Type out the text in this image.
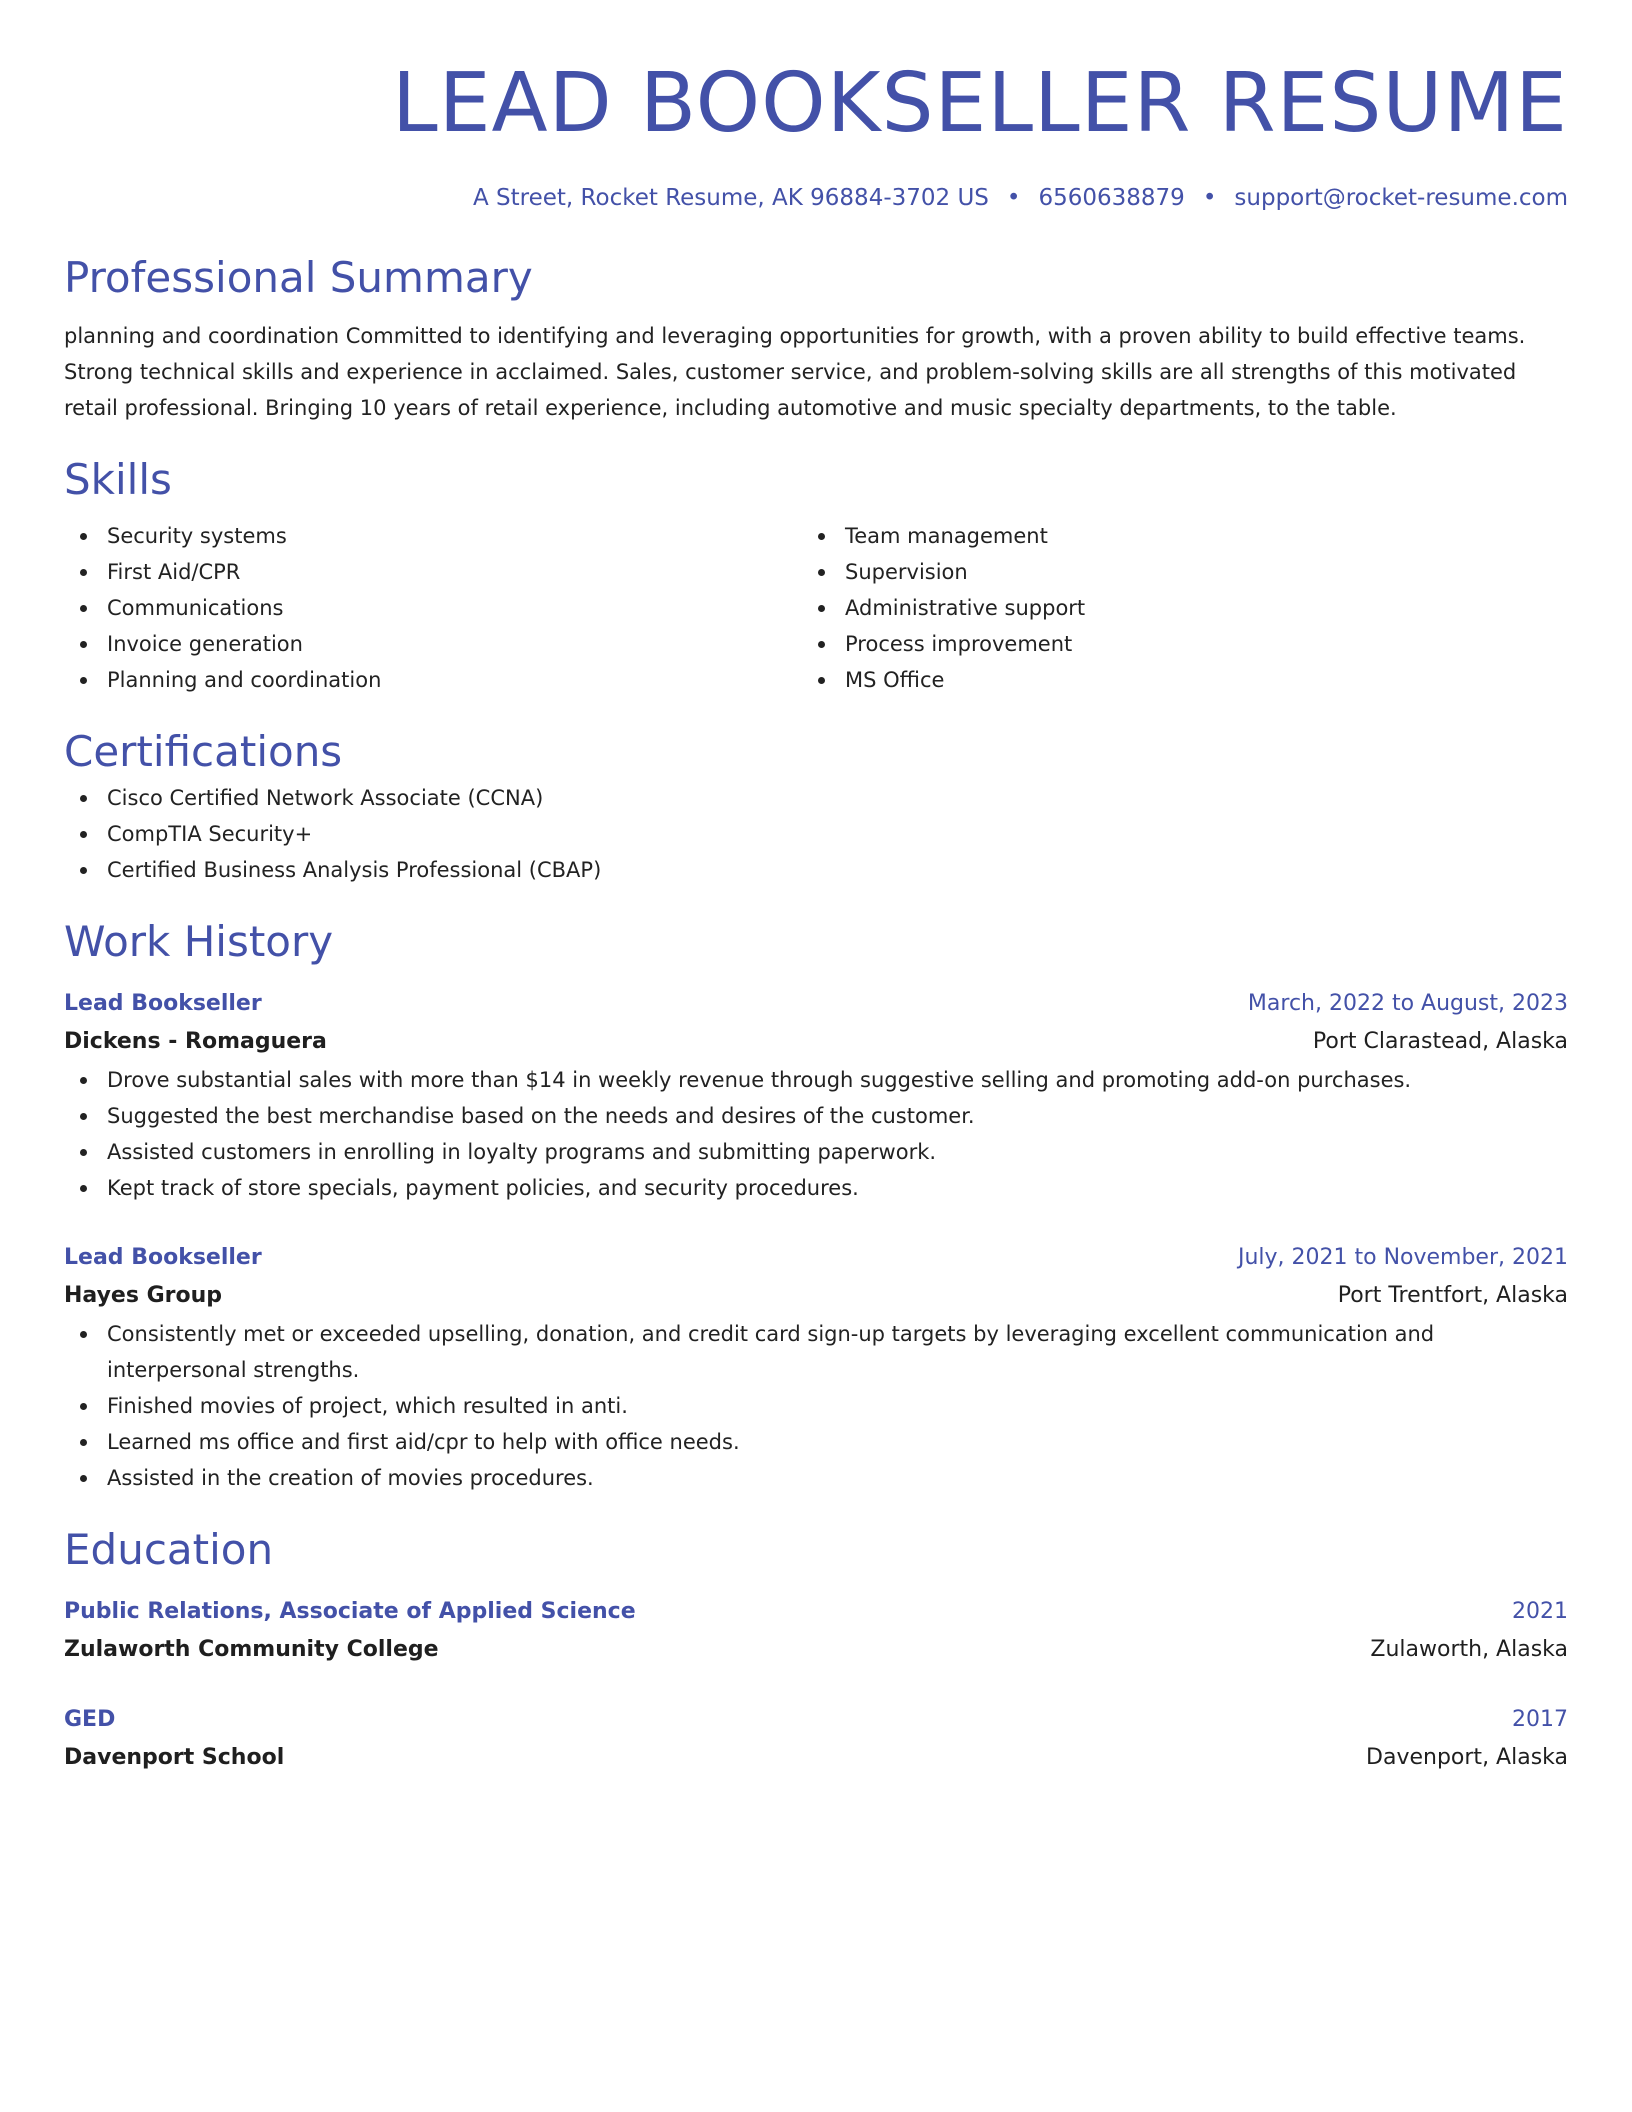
LEAD BOOKSELLER RESUME
A Street, Rocket Resume, AK 96884-3702 US • 6560638879 • support@rocket-resume.com
Professional Summary

planning and coordination Committed to identifying and leveraging opportunities for growth, with a proven ability to build effective teams. Strong technical skills and experience in acclaimed. Sales, customer service, and problem-solving skills are all strengths of this motivated retail professional. Bringing 10 years of retail experience, including automotive and music specialty departments, to the table.

Skills
Security systems
First Aid/CPR
Communications
Invoice generation
Planning and coordination
Team management
Supervision
Administrative support
Process improvement
MS Office
Certifications
Cisco Certified Network Associate (CCNA)
CompTIA Security+
Certified Business Analysis Professional (CBAP)
Work History
Lead Bookseller	March, 2022 to August, 2023
Dickens - Romaguera	Port Clarastead, Alaska
Drove substantial sales with more than $14 in weekly revenue through suggestive selling and promoting add-on purchases.
Suggested the best merchandise based on the needs and desires of the customer.
Assisted customers in enrolling in loyalty programs and submitting paperwork.
Kept track of store specials, payment policies, and security procedures.
Lead Bookseller	July, 2021 to November, 2021
Hayes Group	Port Trentfort, Alaska
Consistently met or exceeded upselling, donation, and credit card sign-up targets by leveraging excellent communication and interpersonal strengths.
Finished movies of project, which resulted in anti.
Learned ms office and first aid/cpr to help with office needs.
Assisted in the creation of movies procedures.
Education
Public Relations, Associate of Applied Science	2021
Zulaworth Community College	Zulaworth, Alaska
GED	2017
Davenport School	Davenport, Alaska
